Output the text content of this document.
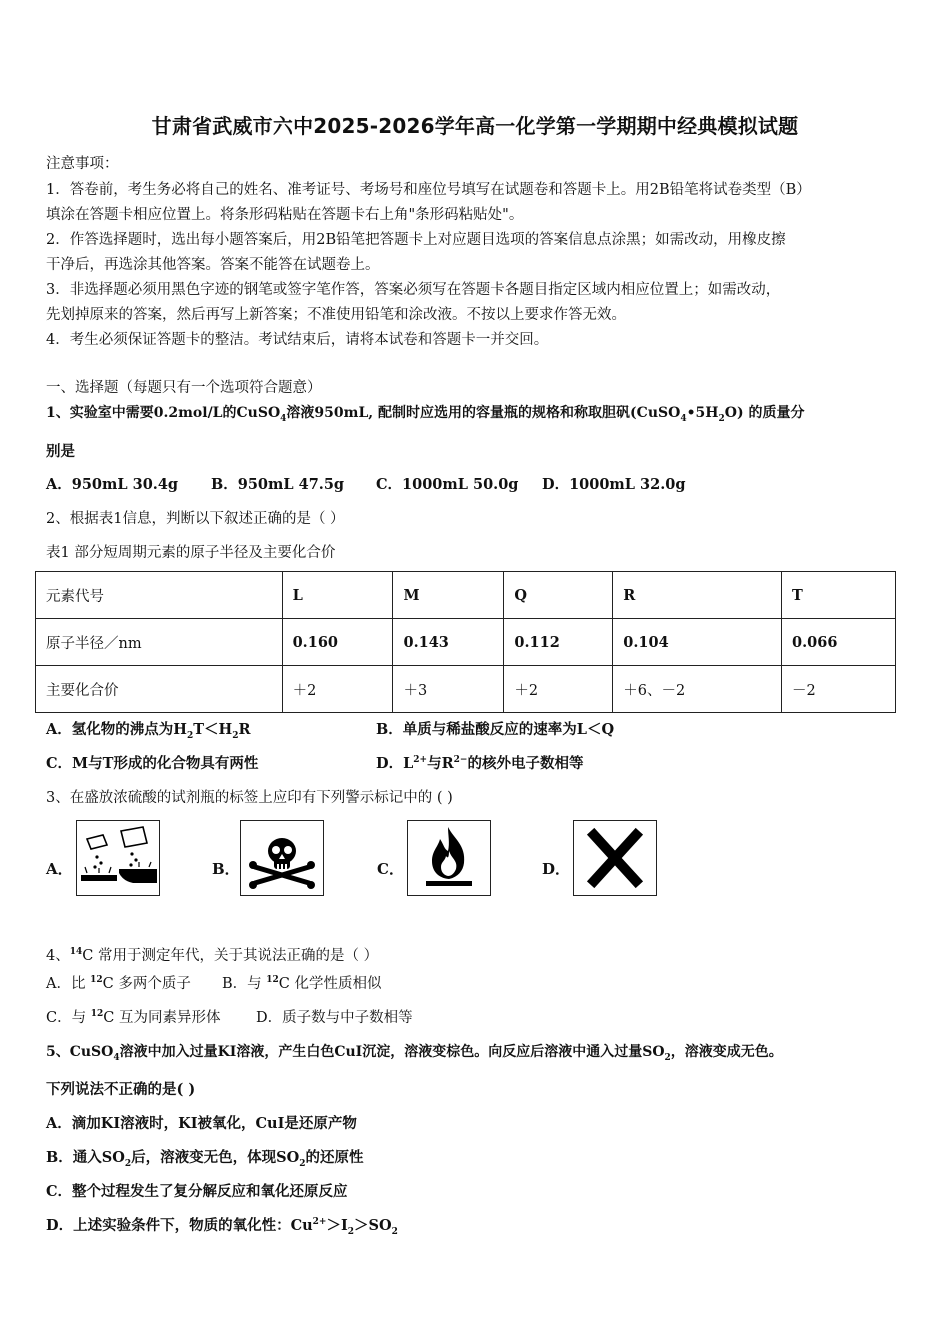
甘肃省武威市六中2025-2026学年高一化学第一学期期中经典模拟试题
注意事项：
1．答卷前，考生务必将自己的姓名、准考证号、考场号和座位号填写在试题卷和答题卡上。用2B铅笔将试卷类型（B）
填涂在答题卡相应位置上。将条形码粘贴在答题卡右上角"条形码粘贴处"。
2．作答选择题时，选出每小题答案后，用2B铅笔把答题卡上对应题目选项的答案信息点涂黑；如需改动，用橡皮擦
干净后，再选涂其他答案。答案不能答在试题卷上。
3．非选择题必须用黑色字迹的钢笔或签字笔作答，答案必须写在答题卡各题目指定区域内相应位置上；如需改动，
先划掉原来的答案，然后再写上新答案；不准使用铅笔和涂改液。不按以上要求作答无效。
4．考生必须保证答题卡的整洁。考试结束后，请将本试卷和答题卡一并交回。
一、选择题（每题只有一个选项符合题意）
1、实验室中需要0.2mol/L的CuSO$_4$溶液950mL, 配制时应选用的容量瓶的规格和称取胆矾$(CuSO_4•5H_2O)$ 的质量分
别是
A．950mL 30.4g B．950mL 47.5g C．1000mL 50.0g D．1000mL 32.0g
2、根据表1信息，判断以下叙述正确的是（ ）
表1 部分短周期元素的原子半径及主要化合价
元素代号	L	M	Q	R	T
原子半径／nm	0.160	0.143	0.112	0.104	0.066
主要化合价	＋2	＋3	＋2	＋6、－2	－2
A．氢化物的沸点为$H_2T<H_2R$	B．单质与稀盐酸反应的速率为L＜Q
C．M与T形成的化合物具有两性	D．$L^{2+}$与$R^{2-}$的核外电子数相等
3、在盛放浓硫酸的试剂瓶的标签上应印有下列警示标记中的 ( )
A．	B．	C．	D．
4、$^{14}$C 常用于测定年代，关于其说法正确的是（ ）
A．比 $^{12}$C 多两个质子 B．与 $^{12}$C 化学性质相似
C．与 $^{12}$C 互为同素异形体 D．质子数与中子数相等
5、CuSO$_4$溶液中加入过量KI溶液，产生白色CuI沉淀，溶液变棕色。向反应后溶液中通入过量$SO_2$，溶液变成无色。
下列说法不正确的是( )
A．滴加KI溶液时，KI被氧化，CuI是还原产物
B．通入$SO_2$后，溶液变无色，体现$SO_2$的还原性
C．整个过程发生了复分解反应和氧化还原反应
D．上述实验条件下，物质的氧化性：$Cu^{2+}>I_2>SO_2$
